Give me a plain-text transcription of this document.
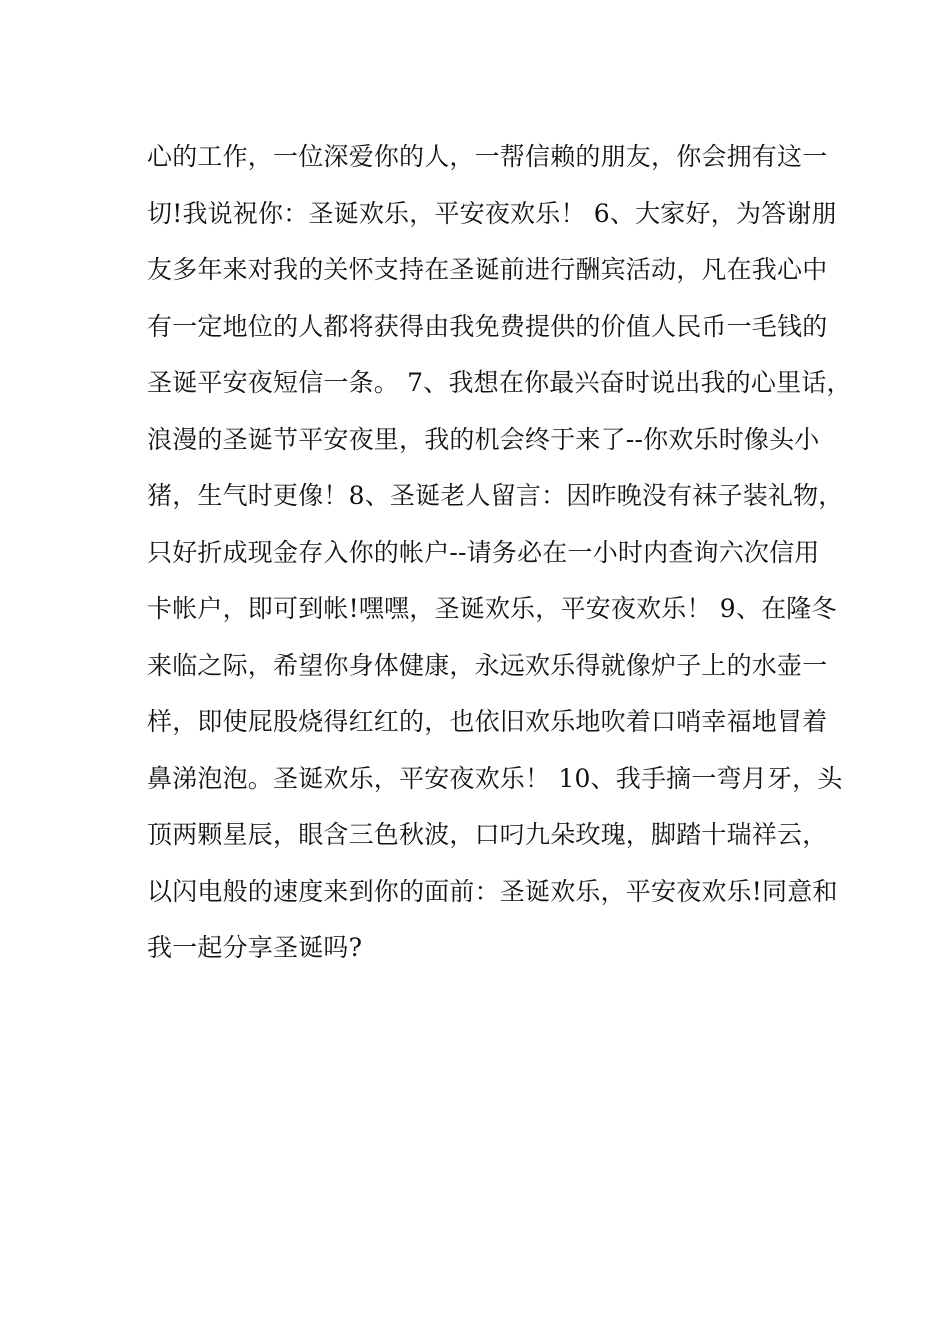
心的工作，一位深爱你的人，一帮信赖的朋友，你会拥有这一
切!我说祝你：圣诞欢乐，平安夜欢乐！ 6、大家好，为答谢朋
友多年来对我的关怀支持在圣诞前进行酬宾活动，凡在我心中
有一定地位的人都将获得由我免费提供的价值人民币一毛钱的
圣诞平安夜短信一条。 7、我想在你最兴奋时说出我的心里话，
浪漫的圣诞节平安夜里，我的机会终于来了--你欢乐时像头小
猪，生气时更像！8、圣诞老人留言：因昨晚没有袜子装礼物，
只好折成现金存入你的帐户--请务必在一小时内查询六次信用
卡帐户，即可到帐!嘿嘿，圣诞欢乐，平安夜欢乐！ 9、在隆冬
来临之际，希望你身体健康，永远欢乐得就像炉子上的水壶一
样，即使屁股烧得红红的，也依旧欢乐地吹着口哨幸福地冒着
鼻涕泡泡。圣诞欢乐，平安夜欢乐！ 10、我手摘一弯月牙，头
顶两颗星辰，眼含三色秋波，口叼九朵玫瑰，脚踏十瑞祥云，
以闪电般的速度来到你的面前：圣诞欢乐，平安夜欢乐!同意和
我一起分享圣诞吗?
